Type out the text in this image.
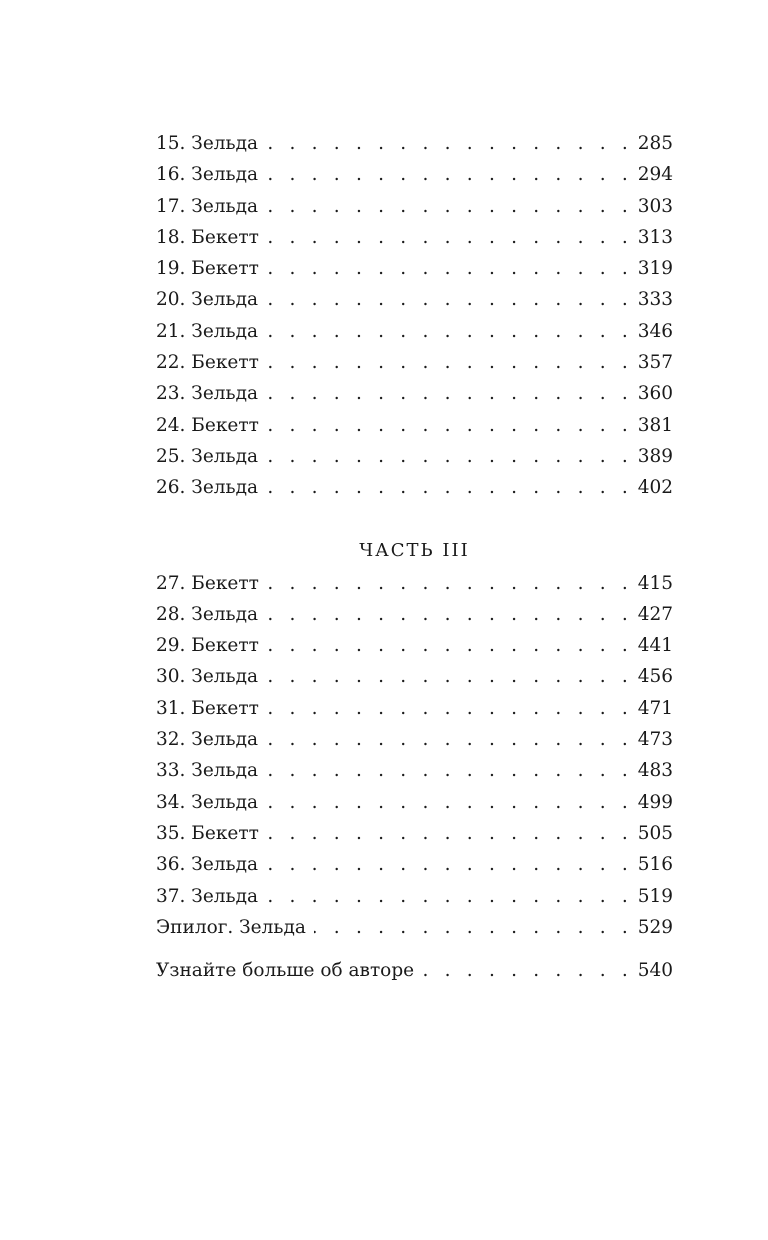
15. Зельда . . .	285
16. Зельда . . .	294
17. Зельда . . .	303
18. Бекетт . . .	313
19. Бекетт . . .	319
20. Зельда . . .	333
21. Зельда . . .	346
22. Бекетт . . .	357
23. Зельда . . .	360
24. Бекетт . . .	381
25. Зельда . . .	389
26. Зельда . . .	402
ЧАСТЬ III
27. Бекетт . . .	415
28. Зельда . . .	427
29. Бекетт . . .	441
30. Зельда . . .	456
31. Бекетт . . .	471
32. Зельда . . .	473
33. Зельда . . .	483
34. Зельда . . .	499
35. Бекетт . . .	505
36. Зельда . . .	516
37. Зельда . . .	519
Эпилог. Зельда . . .	529
Узнайте больше об авторе . . .	540
